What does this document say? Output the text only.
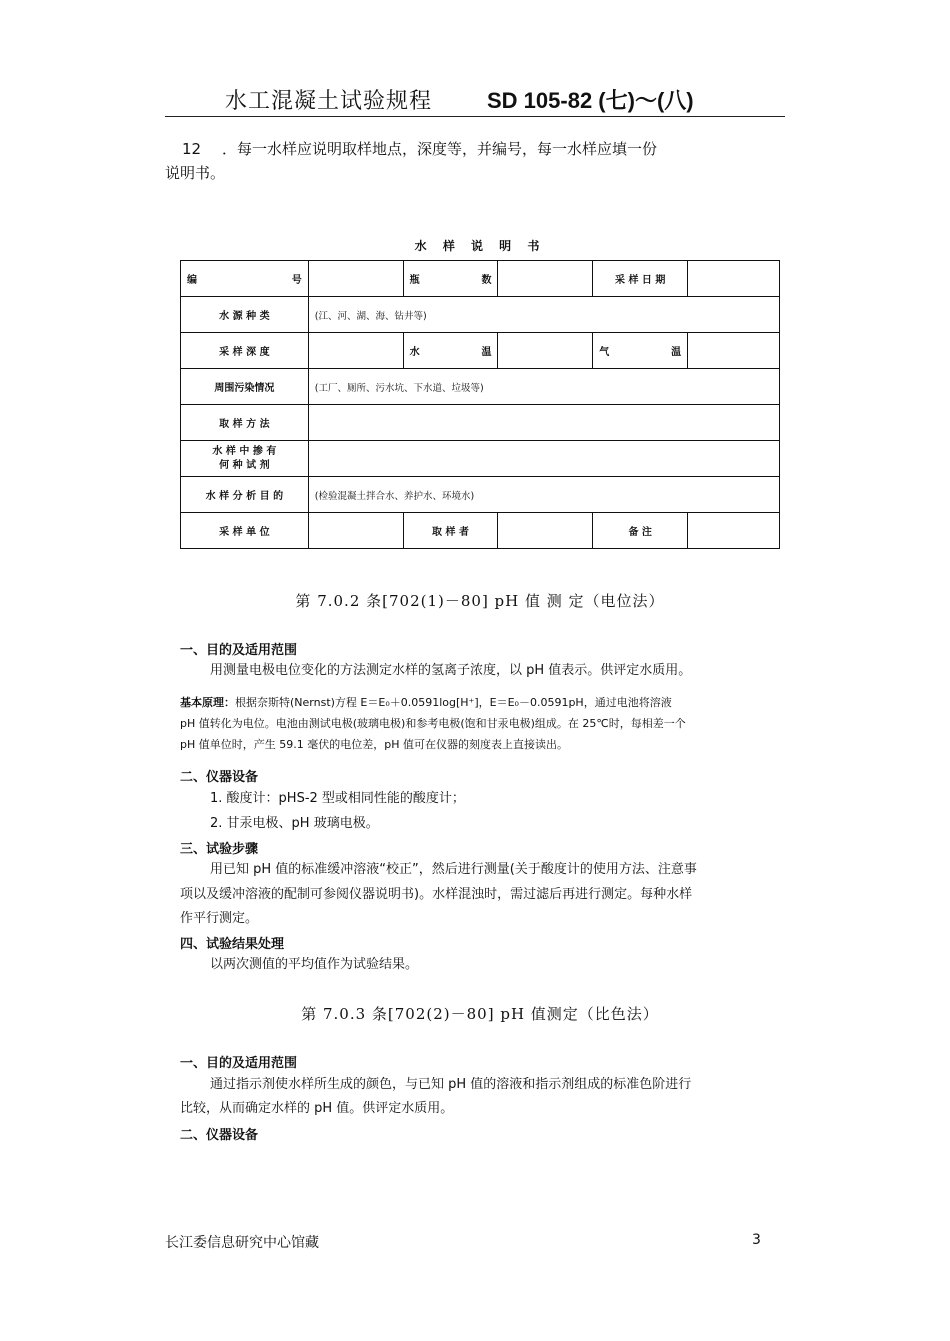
水工混凝土试验规程 SD 105-82 (七)～(八)
12 ．每一水样应说明取样地点，深度等，并编号，每一水样应填一份
说明书。
水 样 说 明 书
编 号		瓶 数		采 样 日 期	
水 源 种 类	(江、河、湖、海、钻井等)				
采 样 深 度		水 温		气 温	

周围污染情况	(工厂、厕所、污水坑、下水道、垃圾等)				
取 样 方 法					

水 样 中 掺 有
何 种 试 剂					

水 样 分 析 目 的	(检验混凝土拌合水、养护水、环境水)				
采 样 单 位		取 样 者		备 注	
第 7.0.2 条[702(1)－80] pH 值 测 定（电位法）
一、目的及适用范围
用测量电极电位变化的方法测定水样的氢离子浓度，以 pH 值表示。供评定水质用。
基本原理：根据奈斯特(Nernst)方程 E＝E₀＋0.0591log[H⁺]，E＝E₀－0.0591pH，通过电池将溶液
pH 值转化为电位。电池由测试电极(玻璃电极)和参考电极(饱和甘汞电极)组成。在 25℃时，每相差一个
pH 值单位时，产生 59.1 毫伏的电位差，pH 值可在仪器的刻度表上直接读出。
二、仪器设备
1. 酸度计：pHS-2 型或相同性能的酸度计；
2. 甘汞电极、pH 玻璃电极。
三、试验步骤
用已知 pH 值的标准缓冲溶液“校正”，然后进行测量(关于酸度计的使用方法、注意事
项以及缓冲溶液的配制可参阅仪器说明书)。水样混浊时，需过滤后再进行测定。每种水样
作平行测定。
四、试验结果处理
以两次测值的平均值作为试验结果。
第 7.0.3 条[702(2)－80] pH 值测定（比色法）
一、目的及适用范围
通过指示剂使水样所生成的颜色，与已知 pH 值的溶液和指示剂组成的标准色阶进行
比较，从而确定水样的 pH 值。供评定水质用。
二、仪器设备
长江委信息研究中心馆藏	3
